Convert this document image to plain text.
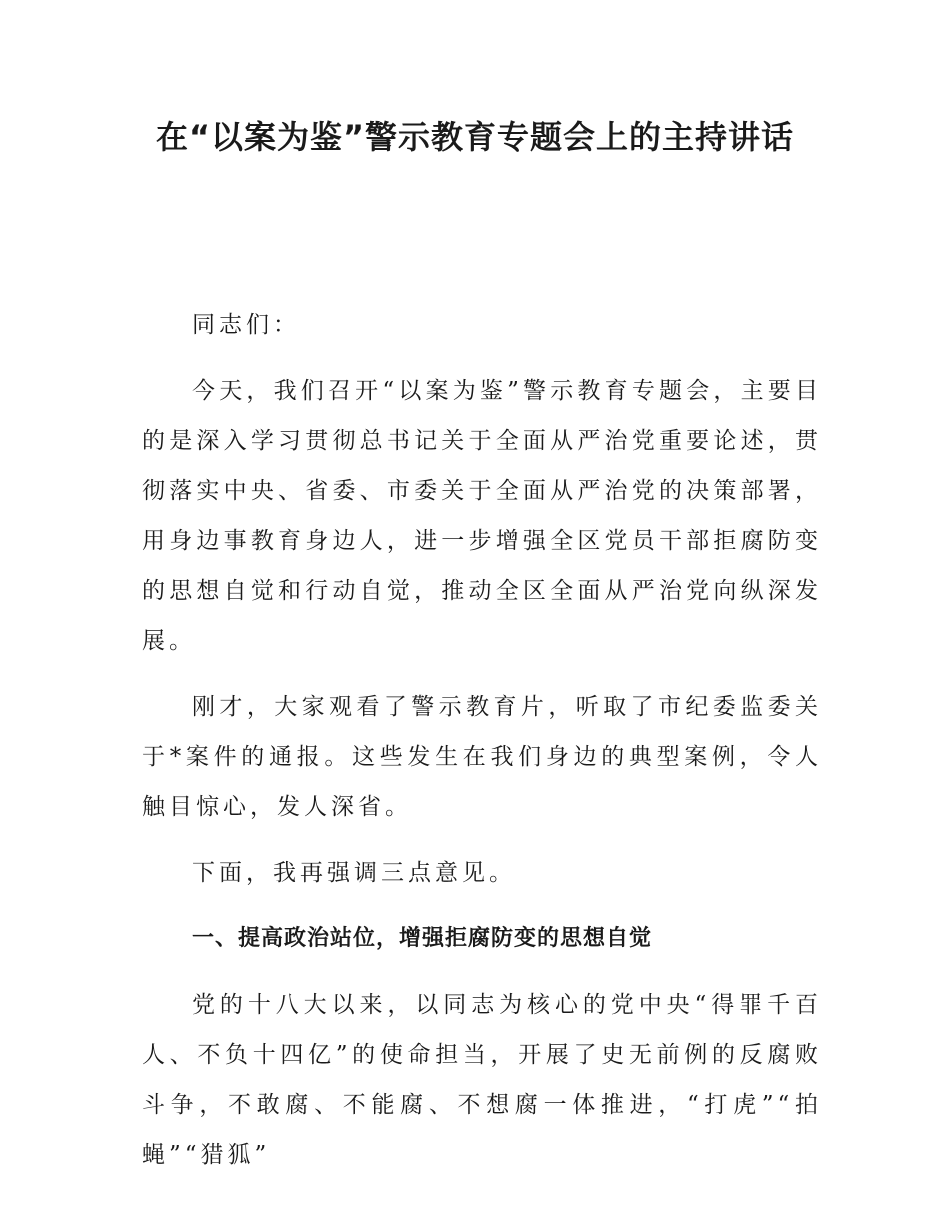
在“以案为鉴”警示教育专题会上的主持讲话

同志们：

今天，我们召开“以案为鉴”警示教育专题会，主要目的是深入学习贯彻总书记关于全面从严治党重要论述，贯彻落实中央、省委、市委关于全面从严治党的决策部署，用身边事教育身边人，进一步增强全区党员干部拒腐防变的思想自觉和行动自觉，推动全区全面从严治党向纵深发展。

刚才，大家观看了警示教育片，听取了市纪委监委关于*案件的通报。这些发生在我们身边的典型案例，令人触目惊心，发人深省。

下面，我再强调三点意见。

一、提高政治站位，增强拒腐防变的思想自觉

党的十八大以来，以同志为核心的党中央“得罪千百人、不负十四亿”的使命担当，开展了史无前例的反腐败斗争，不敢腐、不能腐、不想腐一体推进，“打虎”“拍蝇”“猎狐”
